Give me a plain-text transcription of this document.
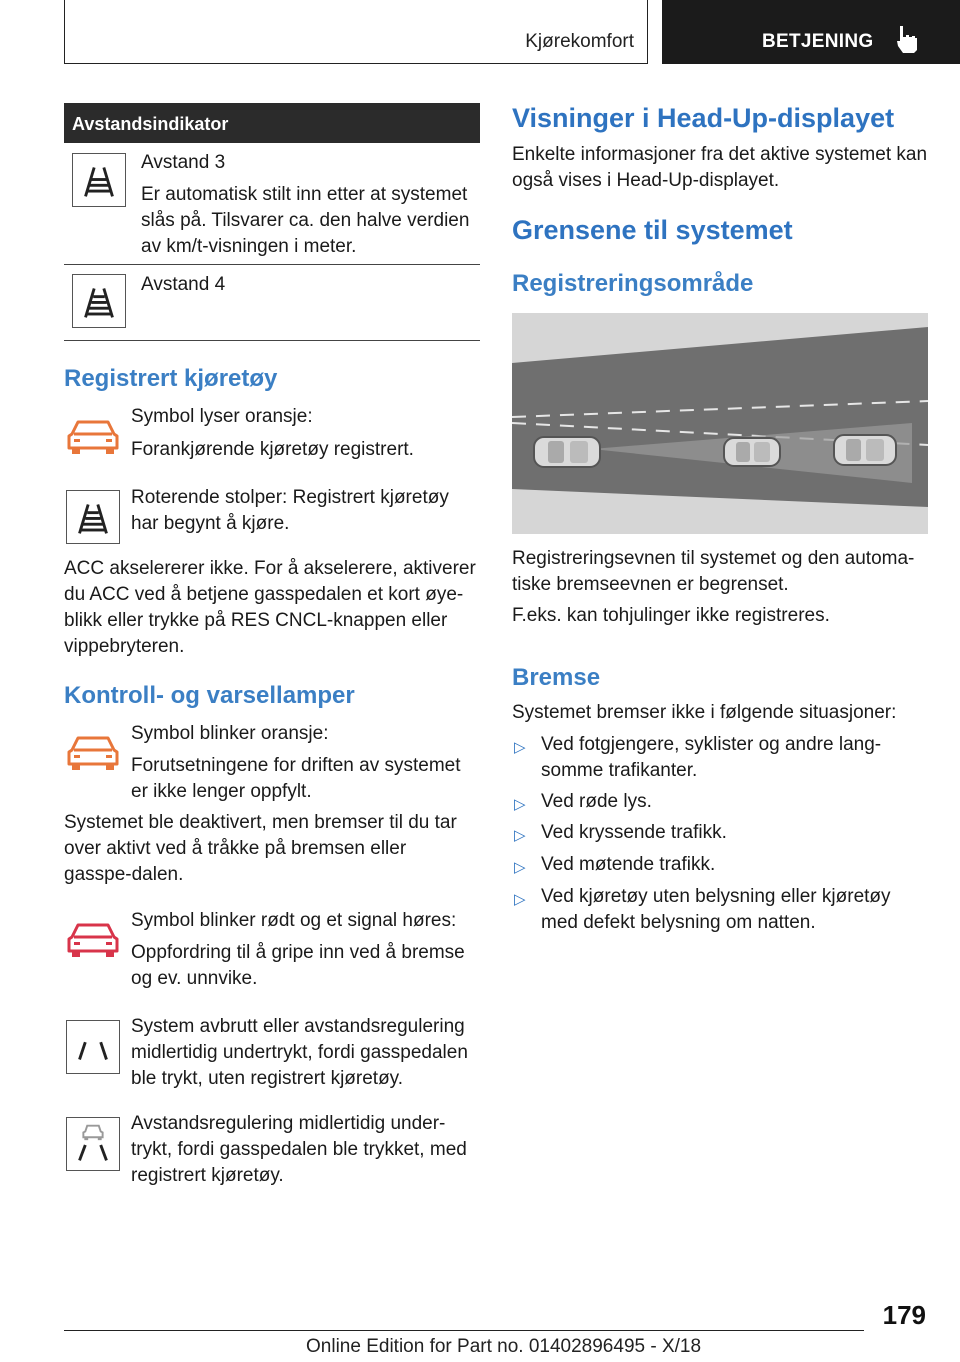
Kjørekomfort	BETJENING
Avstandsindikator
Avstand 3
Er automatisk stilt inn etter at systemet slås på. Tilsvarer ca. den halve verdien av km/t-visningen i meter.
Avstand 4
Registrert kjøretøy
Symbol lyser oransje:
Forankjørende kjøretøy registrert.
Roterende stolper: Registrert kjøretøy har begynt å kjøre.
ACC akselererer ikke. For å akselerere, aktiverer du ACC ved å betjene gasspedalen et kort øye-blikk eller trykke på RES CNCL-knappen eller vippebryteren.
Kontroll- og varsellamper
Symbol blinker oransje:
Forutsetningene for driften av systemet er ikke lenger oppfylt.
Systemet ble deaktivert, men bremser til du tar over aktivt ved å tråkke på bremsen eller gasspe-dalen.
Symbol blinker rødt og et signal høres:
Oppfordring til å gripe inn ved å bremse og ev. unnvike.
System avbrutt eller avstandsregulering midlertidig undertrykt, fordi gasspedalen ble trykt, uten registrert kjøretøy.
Avstandsregulering midlertidig under-trykt, fordi gasspedalen ble trykket, med registrert kjøretøy.
Visninger i Head-Up-displayet
Enkelte informasjoner fra det aktive systemet kan også vises i Head-Up-displayet.
Grensene til systemet
Registreringsområde
Registreringsevnen til systemet og den automa-tiske bremseevnen er begrenset.
F.eks. kan tohjulinger ikke registreres.
Bremse
Systemet bremser ikke i følgende situasjoner:
▷ Ved fotgjengere, syklister og andre lang-somme trafikanter.
▷ Ved røde lys.
▷ Ved kryssende trafikk.
▷ Ved møtende trafikk.
▷ Ved kjøretøy uten belysning eller kjøretøy med defekt belysning om natten.
179
Online Edition for Part no. 01402896495 - X/18
